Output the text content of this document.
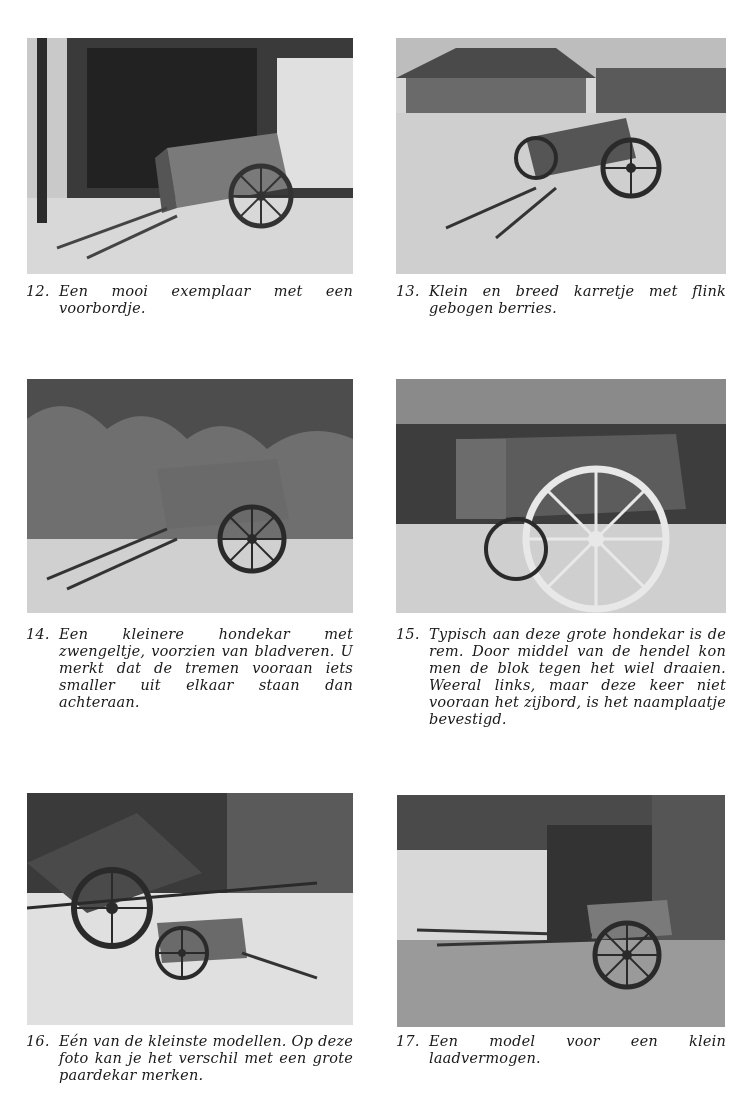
12. Een mooi exemplaar met een voorbordje.
13. Klein en breed karretje met flink gebogen berries.
14. Een kleinere hondekar met zwengeltje, voorzien van bladveren. U merkt dat de tremen vooraan iets smaller uit elkaar staan dan achteraan.
15. Typisch aan deze grote hondekar is de rem. Door middel van de hendel kon men de blok tegen het wiel draaien. Weeral links, maar deze keer niet vooraan het zijbord, is het naamplaatje bevestigd.
16. Eén van de kleinste modellen. Op deze foto kan je het verschil met een grote paardekar merken.
17. Een model voor een klein laadvermogen.
